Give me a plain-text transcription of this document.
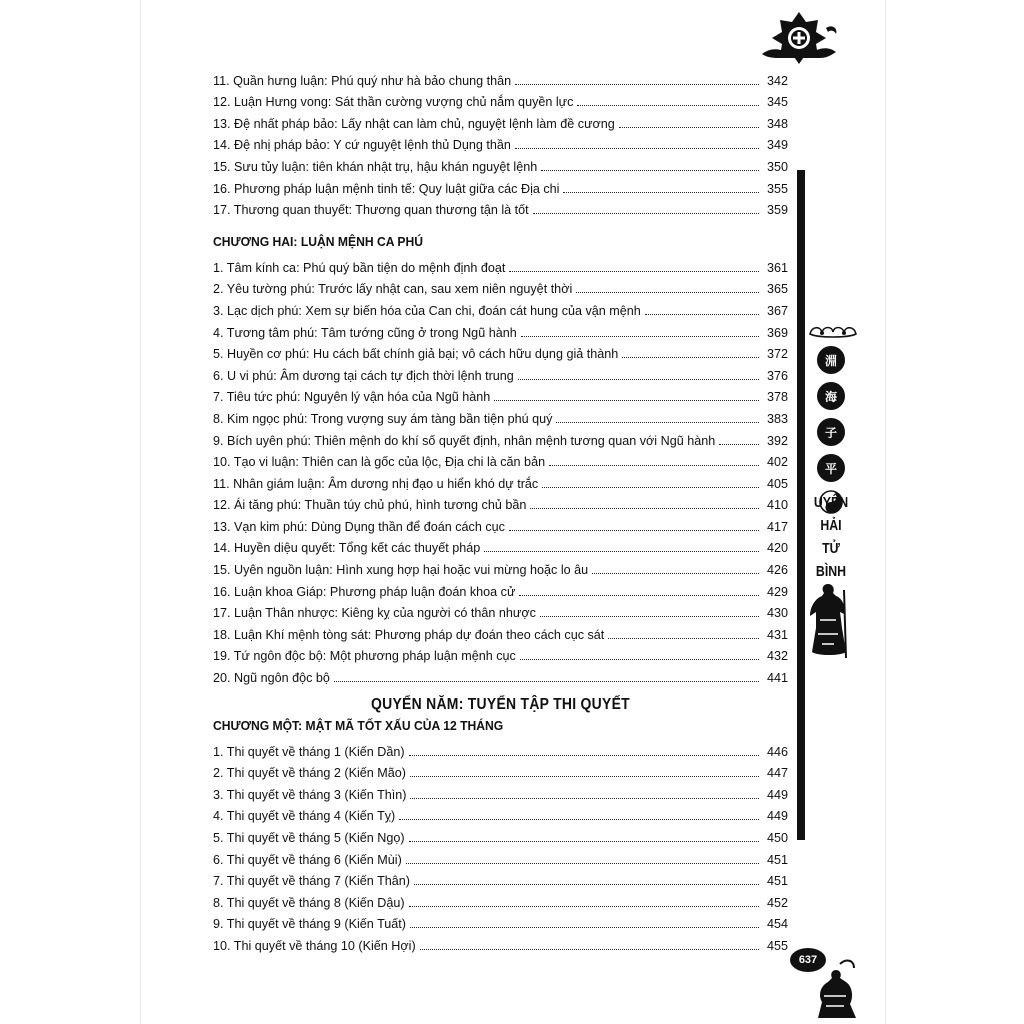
淵
海
子
平
UYÊN
HẢI
TỬ
BÌNH
637
11. Quần hưng luận: Phú quý như hà bảo chung thân	342
12. Luận Hưng vong: Sát thần cường vượng chủ nắm quyền lực	345
13. Đệ nhất pháp bảo: Lấy nhật can làm chủ, nguyệt lệnh làm đề cương	348
14. Đệ nhị pháp bảo: Y cứ nguyệt lệnh thủ Dụng thần	349
15. Sưu tủy luận: tiên khán nhật trụ, hậu khán nguyệt lệnh	350
16. Phương pháp luận mệnh tinh tế: Quy luật giữa các Địa chi	355
17. Thương quan thuyết: Thương quan thương tận là tốt	359
CHƯƠNG HAI: LUẬN MỆNH CA PHÚ
1. Tâm kính ca: Phú quý bần tiện do mệnh định đoạt	361
2. Yêu tường phú: Trước lấy nhật can, sau xem niên nguyệt thời	365
3. Lạc dịch phú: Xem sự biến hóa của Can chi, đoán cát hung của vận mệnh	367
4. Tương tâm phú: Tâm tướng cũng ở trong Ngũ hành	369
5. Huyền cơ phú: Hu cách bất chính giả bại; vô cách hữu dụng giả thành	372
6. U vi phú: Âm dương tại cách tự địch thời lệnh trung	376
7. Tiêu tức phú: Nguyên lý vận hóa của Ngũ hành	378
8. Kim ngọc phú: Trong vượng suy ám tàng bần tiện phú quý	383
9. Bích uyên phú: Thiên mệnh do khí số quyết định, nhân mệnh tương quan với Ngũ hành	392
10. Tạo vi luận: Thiên can là gốc của lộc, Địa chi là căn bản	402
11. Nhân giám luận: Âm dương nhị đạo u hiển khó dự trắc	405
12. Ái tăng phú: Thuần túy chủ phú, hình tương chủ bần	410
13. Vạn kim phú: Dùng Dụng thần để đoán cách cục	417
14. Huyền diệu quyết: Tổng kết các thuyết pháp	420
15. Uyên nguồn luận: Hình xung hợp hại hoặc vui mừng hoặc lo âu	426
16. Luận khoa Giáp: Phương pháp luận đoán khoa cử	429
17. Luận Thân nhược: Kiêng kỵ của người có thân nhược	430
18. Luận Khí mệnh tòng sát: Phương pháp dự đoán theo cách cục sát	431
19. Tứ ngôn độc bộ: Một phương pháp luận mệnh cục	432
20. Ngũ ngôn độc bộ	441
QUYỂN NĂM: TUYỂN TẬP THI QUYẾT
CHƯƠNG MỘT: MẬT MÃ TỐT XẤU CỦA 12 THÁNG
1. Thi quyết về tháng 1 (Kiến Dần)	446
2. Thi quyết về tháng 2 (Kiến Mão)	447
3. Thi quyết về tháng 3 (Kiến Thìn)	449
4. Thi quyết về tháng 4 (Kiến Tỵ)	449
5. Thi quyết về tháng 5 (Kiến Ngọ)	450
6. Thi quyết về tháng 6 (Kiến Mùi)	451
7. Thi quyết về tháng 7 (Kiến Thân)	451
8. Thi quyết về tháng 8 (Kiến Dậu)	452
9. Thi quyết về tháng 9 (Kiến Tuất)	454
10. Thi quyết về tháng 10 (Kiến Hợi)	455
